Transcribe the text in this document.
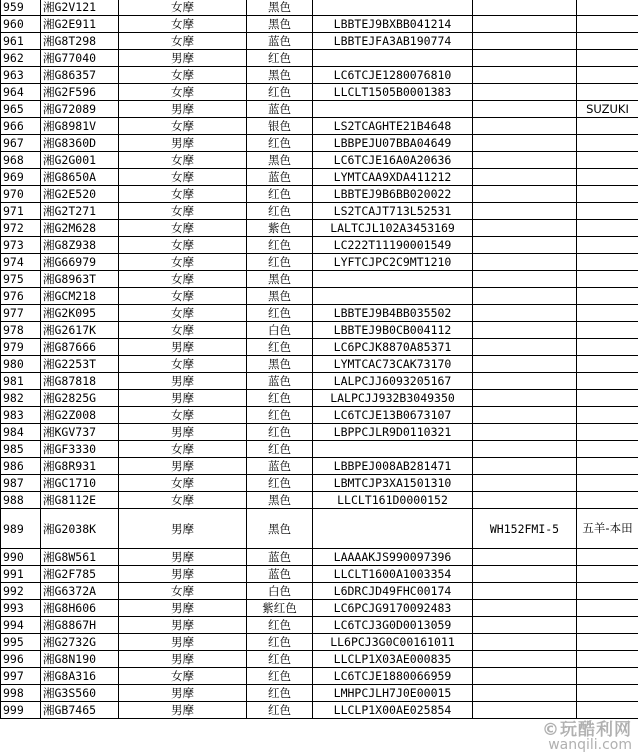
959	湘G2V121	女摩	黑色			
960	湘G2E911	女摩	黑色	LBBTEJ9BXBB041214		
961	湘G8T298	女摩	蓝色	LBBTEJFA3AB190774		
962	湘G77040	男摩	红色			
963	湘G86357	女摩	黑色	LC6TCJE1280076810		
964	湘G2F596	女摩	红色	LLCLT1505B0001383		
965	湘G72089	男摩	蓝色			SUZUKI
966	湘G8981V	女摩	银色	LS2TCAGHTE21B4648		
967	湘G8360D	男摩	红色	LBBPEJU07BBA04649		
968	湘G2G001	女摩	黑色	LC6TCJE16A0A20636		
969	湘G8650A	女摩	蓝色	LYMTCAA9XDA411212		
970	湘G2E520	女摩	红色	LBBTEJ9B6BB020022		
971	湘G2T271	女摩	红色	LS2TCAJT713L52531		
972	湘G2M628	女摩	紫色	LALTCJL102A3453169		
973	湘G8Z938	女摩	红色	LC222T11190001549		
974	湘G66979	女摩	红色	LYFTCJPC2C9MT1210		
975	湘G8963T	女摩	黑色			
976	湘GCM218	女摩	黑色			
977	湘G2K095	女摩	红色	LBBTEJ9B4BB035502		
978	湘G2617K	女摩	白色	LBBTEJ9B0CB004112		
979	湘G87666	男摩	红色	LC6PCJK8870A85371		
980	湘G2253T	女摩	黑色	LYMTCAC73CAK73170		
981	湘G87818	男摩	蓝色	LALPCJJ6093205167		
982	湘G2825G	男摩	红色	LALPCJJ932B3049350		
983	湘G2Z008	女摩	红色	LC6TCJE13B0673107		
984	湘KGV737	男摩	红色	LBPPCJLR9D0110321		
985	湘GF3330	女摩	红色			
986	湘G8R931	男摩	蓝色	LBBPEJ008AB281471		
987	湘GC1710	女摩	红色	LBMTCJP3XA1501310		
988	湘G8112E	女摩	黑色	LLCLT161D0000152		
989	湘G2038K	男摩	黑色		WH152FMI-5	五羊-本田
990	湘G8W561	男摩	蓝色	LAAAAKJS990097396		
991	湘G2F785	男摩	蓝色	LLCLT1600A1003354		
992	湘G6372A	女摩	白色	L6DRCJD49FHC00174		
993	湘G8H606	男摩	紫红色	LC6PCJG9170092483		
994	湘G8867H	男摩	红色	LC6TCJ3G0D0013059		
995	湘G2732G	男摩	红色	LL6PCJ3G0C00161011		
996	湘G8N190	男摩	红色	LLCLP1X03AE000835		
997	湘G8A316	女摩	红色	LC6TCJE1880066959		
998	湘G3S560	男摩	红色	LMHPCJLH7J0E00015		
999	湘GB7465	男摩	红色	LLCLP1X00AE025854		
©玩酷利网
wanqili.com
